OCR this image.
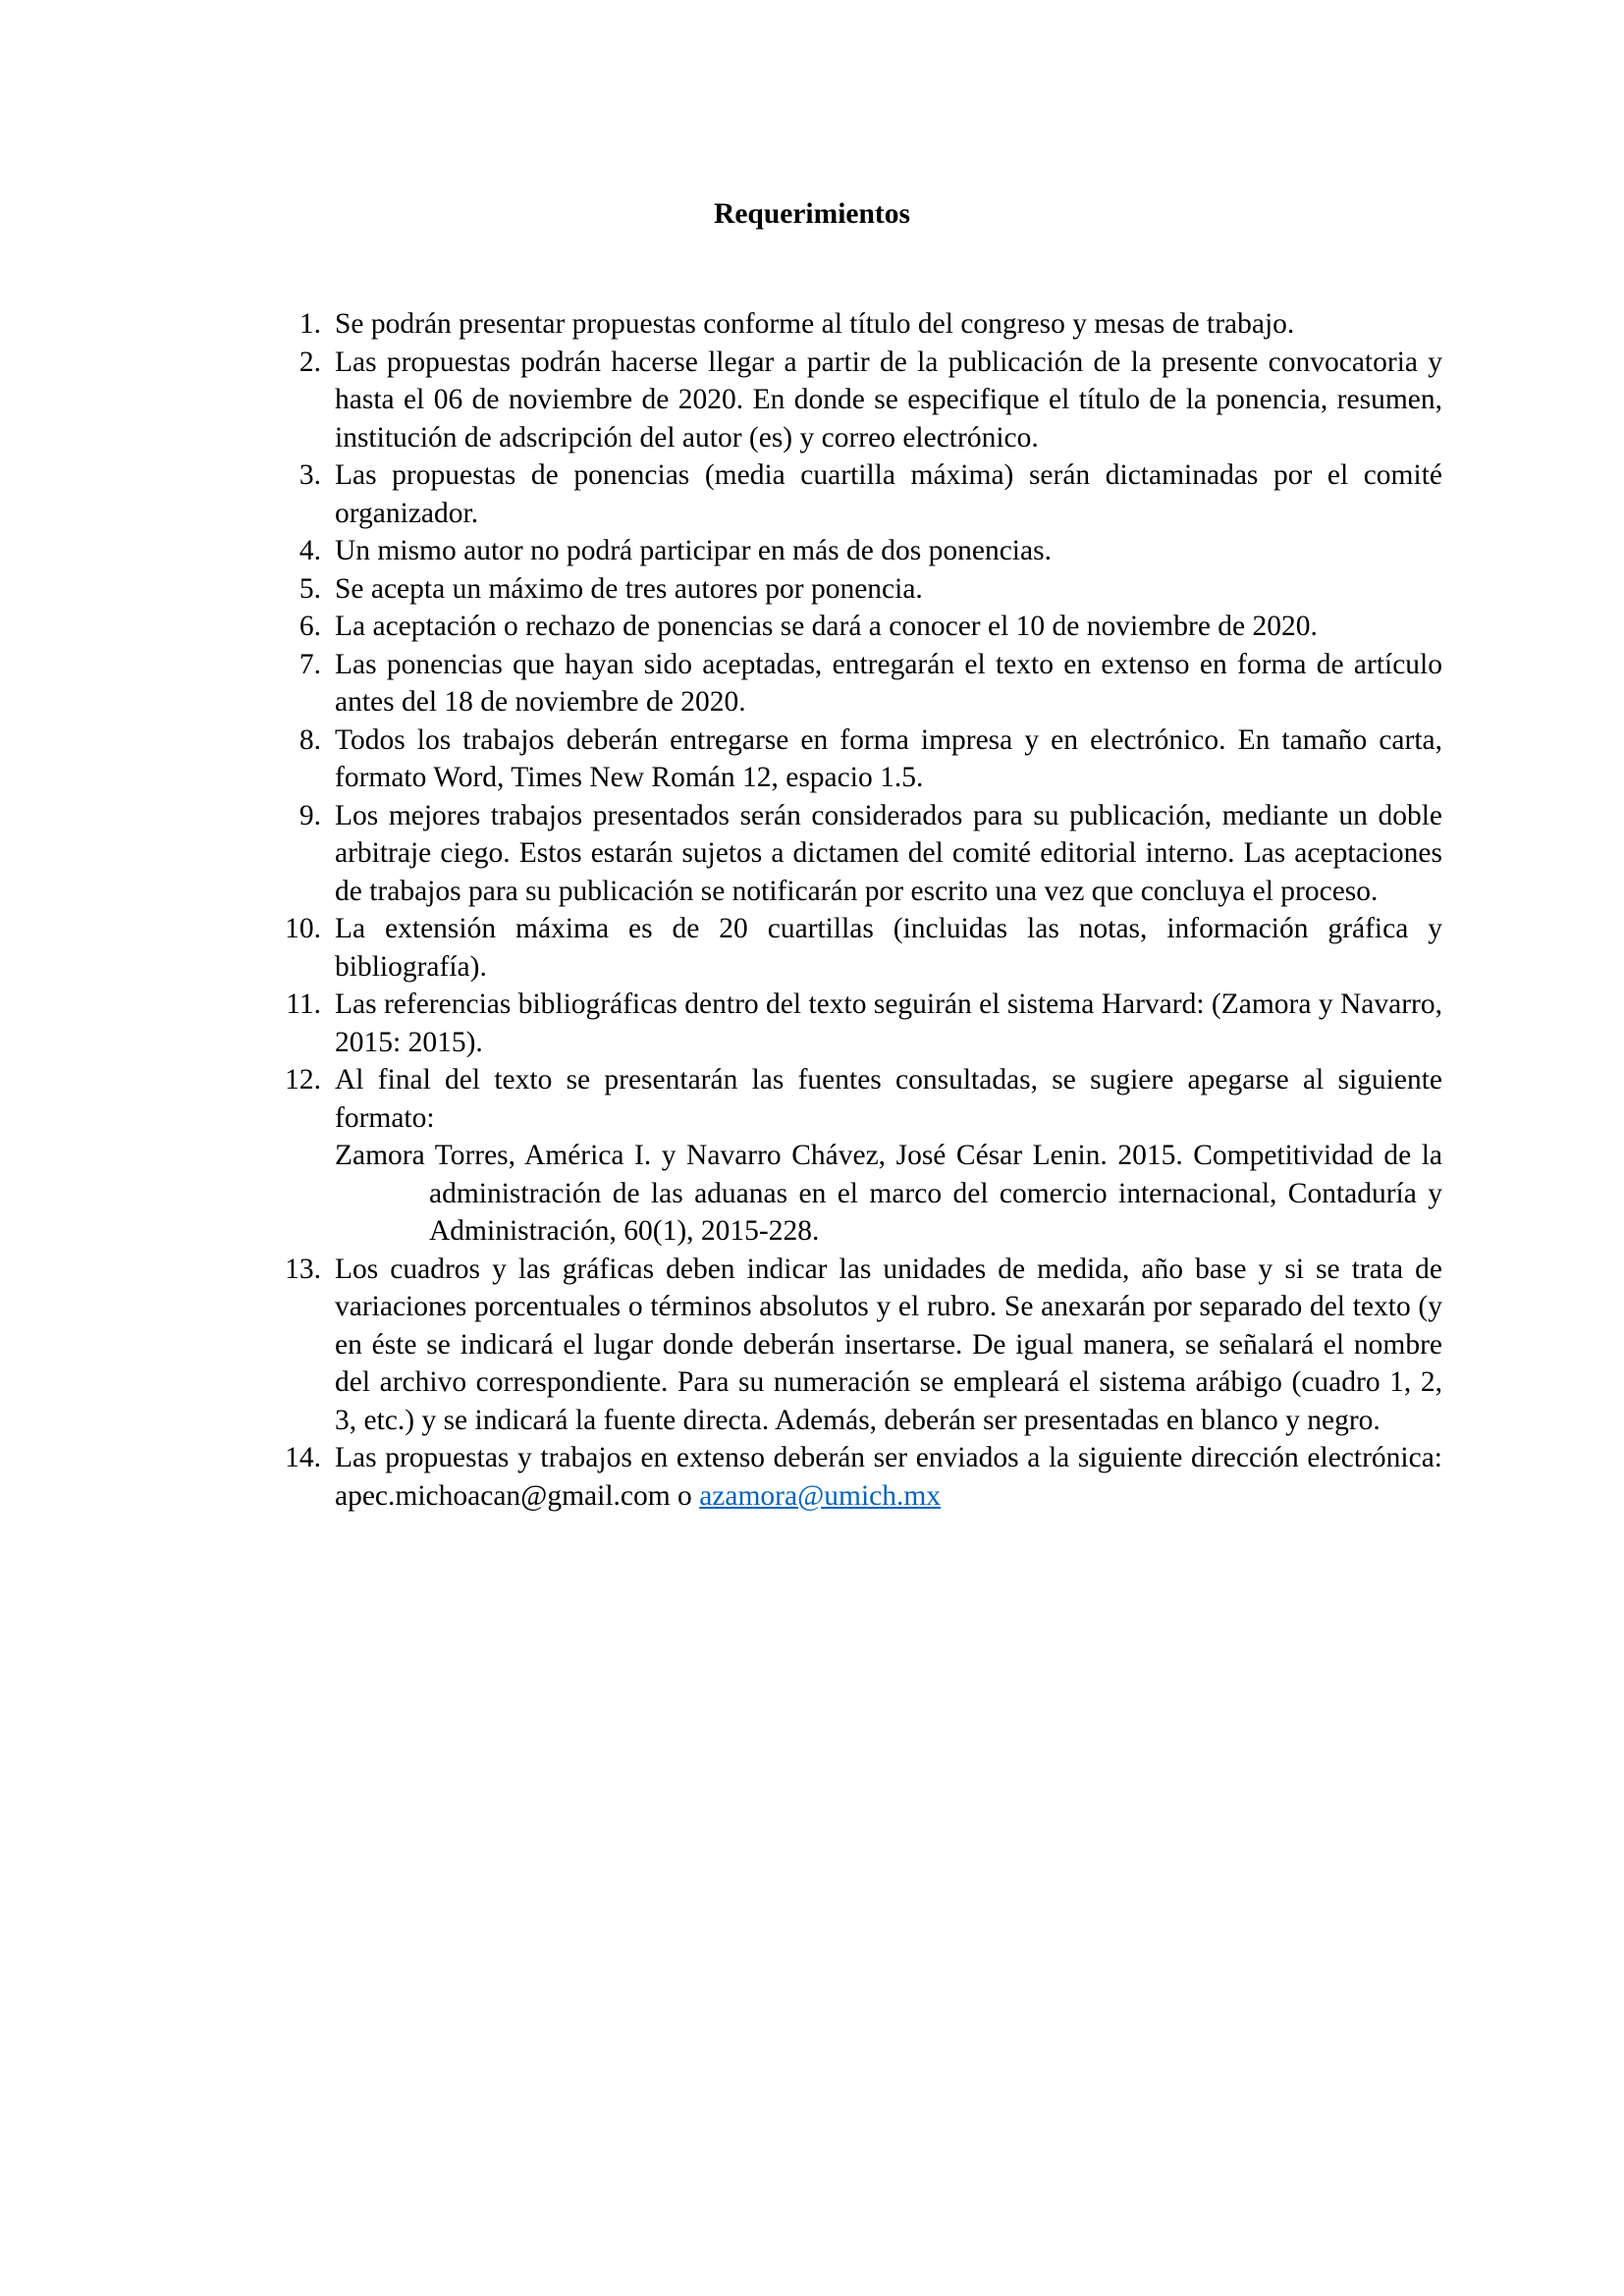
Requerimientos
1. Se podrán presentar propuestas conforme al título del congreso y mesas de trabajo.
2. Las propuestas podrán hacerse llegar a partir de la publicación de la presente convocatoria y hasta el 06 de noviembre de 2020. En donde se especifique el título de la ponencia, resumen, institución de adscripción del autor (es) y correo electrónico.
3. Las propuestas de ponencias (media cuartilla máxima) serán dictaminadas por el comité organizador.
4. Un mismo autor no podrá participar en más de dos ponencias.
5. Se acepta un máximo de tres autores por ponencia.
6. La aceptación o rechazo de ponencias se dará a conocer el 10 de noviembre de 2020.
7. Las ponencias que hayan sido aceptadas, entregarán el texto en extenso en forma de artículo antes del 18 de noviembre de 2020.
8. Todos los trabajos deberán entregarse en forma impresa y en electrónico. En tamaño carta, formato Word, Times New Román 12, espacio 1.5.
9. Los mejores trabajos presentados serán considerados para su publicación, mediante un doble arbitraje ciego. Estos estarán sujetos a dictamen del comité editorial interno. Las aceptaciones de trabajos para su publicación se notificarán por escrito una vez que concluya el proceso.
10. La extensión máxima es de 20 cuartillas (incluidas las notas, información gráfica y bibliografía).
11. Las referencias bibliográficas dentro del texto seguirán el sistema Harvard: (Zamora y Navarro, 2015: 2015).
12. Al final del texto se presentarán las fuentes consultadas, se sugiere apegarse al siguiente formato:
Zamora Torres, América I. y Navarro Chávez, José César Lenin. 2015. Competitividad de la administración de las aduanas en el marco del comercio internacional, Contaduría y Administración, 60(1), 2015-228.
13. Los cuadros y las gráficas deben indicar las unidades de medida, año base y si se trata de variaciones porcentuales o términos absolutos y el rubro. Se anexarán por separado del texto (y en éste se indicará el lugar donde deberán insertarse. De igual manera, se señalará el nombre del archivo correspondiente. Para su numeración se empleará el sistema arábigo (cuadro 1, 2, 3, etc.) y se indicará la fuente directa. Además, deberán ser presentadas en blanco y negro.
14. Las propuestas y trabajos en extenso deberán ser enviados a la siguiente dirección electrónica: apec.michoacan@gmail.com o azamora@umich.mx
